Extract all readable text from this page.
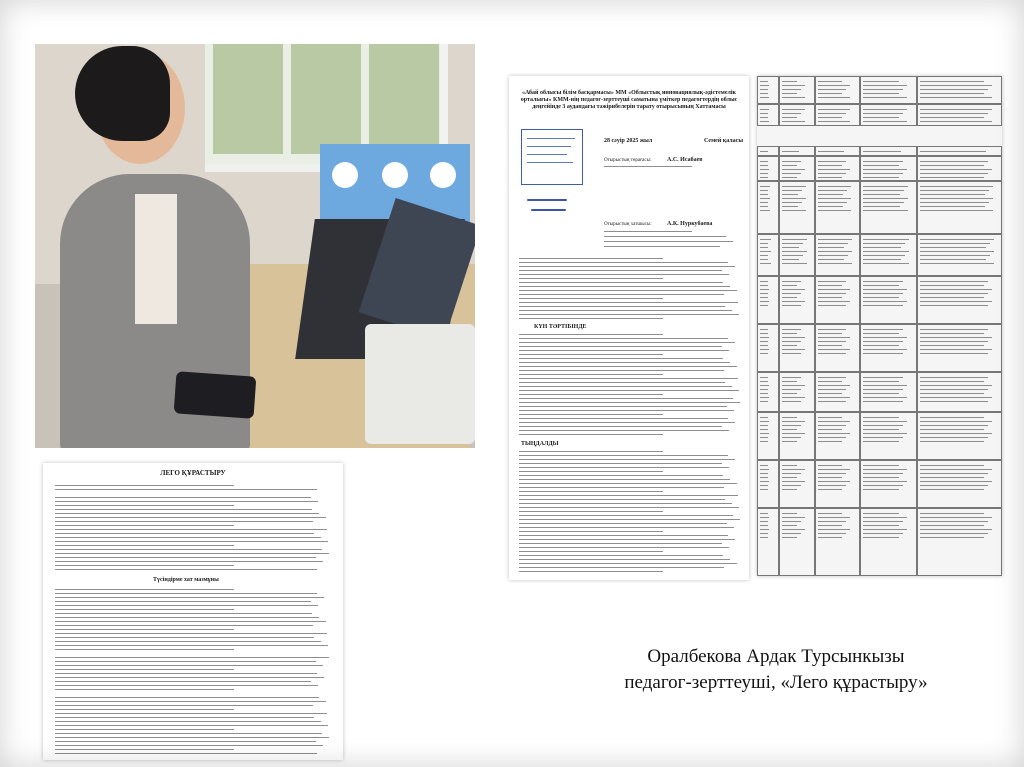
ЛЕГО ҚҰРАСТЫРУ
Түсіндірме хат мазмұны
«Абай облысы білім басқармасы» ММ «Облыстық инновациялық-әдістемелік орталығы» КММ-нің педагог-зерттеуші саматына үміткер педагогтердің облыс деңгейінде 3 аудандағы тәжірибелерін тарату отырысының Хаттамасы
28 сәуір 2025 жыл	Семей қаласы
Отырыстың төрағасы:	А.С. Исабаев
Отырыстың хатшысы:	А.К. Нуркубаева
КҮН ТӘРТІБІНДЕ
ТЫҢДАЛДЫ
Оралбекова Ардак Турсынкызы
педагог-зерттеуші, «Лего құрастыру»
